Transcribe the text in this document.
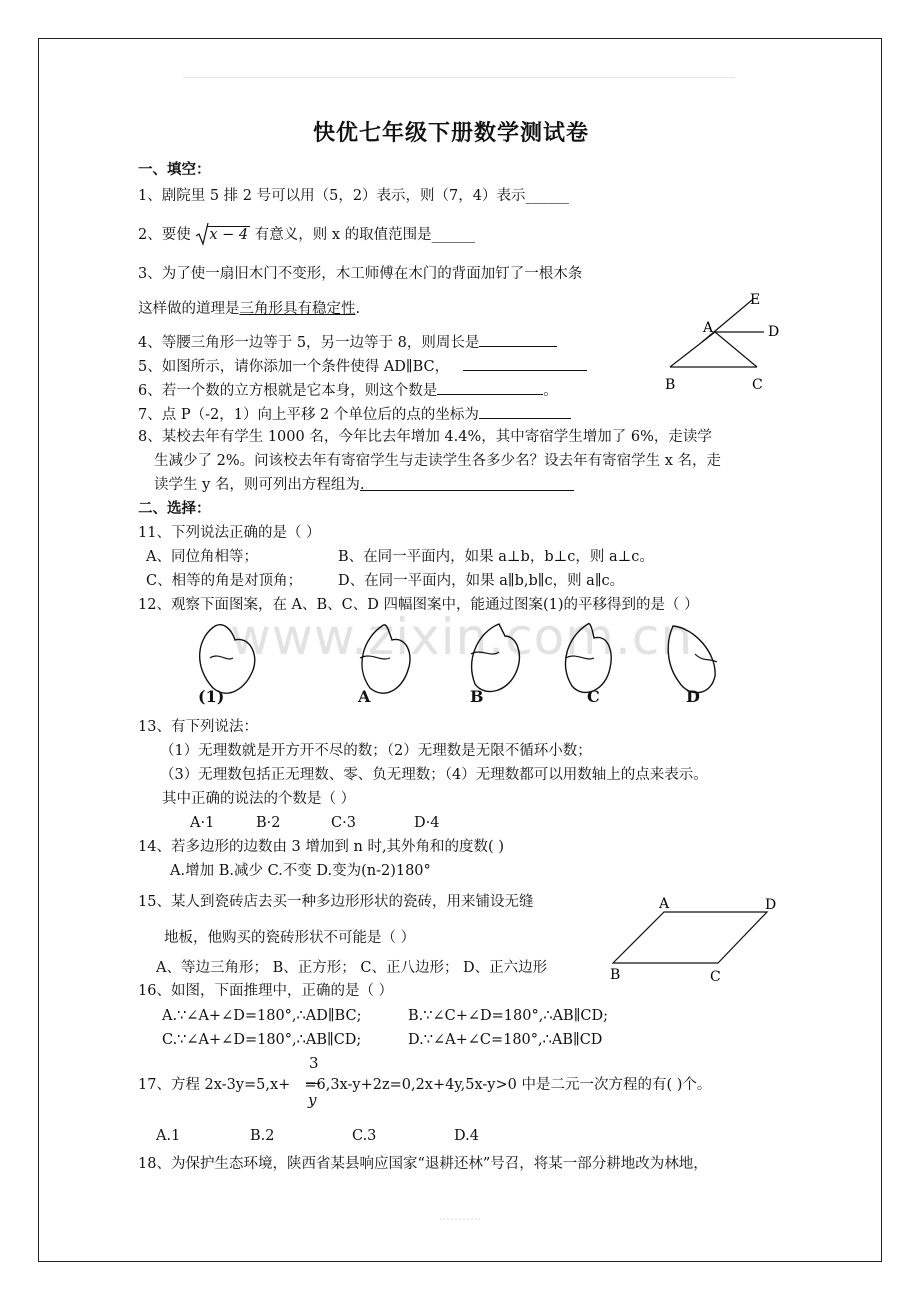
www.zixin.com.cn
快优七年级下册数学测试卷
一、填空：
1、剧院里 5 排 2 号可以用（5，2）表示，则（7，4）表示______
2、要使 x − 4 有意义，则 x 的取值范围是______
3、为了使一扇旧木门不变形，木工师傅在木门的背面加钉了一根木条
这样做的道理是三角形具有稳定性.
4、等腰三角形一边等于 5，另一边等于 8，则周长是
5、如图所示，请你添加一个条件使得 AD∥BC，
6、若一个数的立方根就是它本身，则这个数是	。
7、点 P（-2，1）向上平移 2 个单位后的点的坐标为
8、某校去年有学生 1000 名，今年比去年增加 4.4%，其中寄宿学生增加了 6%，走读学
生减少了 2%。问该校去年有寄宿学生与走读学生各多少名？设去年有寄宿学生 x 名，走
读学生 y 名，则可列出方程组为.
E
A	D
B	C
二、选择：
11、下列说法正确的是（ ）
A、同位角相等；	B、在同一平面内，如果 a⊥b，b⊥c，则 a⊥c。
C、相等的角是对顶角； D、在同一平面内，如果 a∥b,b∥c，则 a∥c。
12、观察下面图案，在 A、B、C、D 四幅图案中，能通过图案(1)的平移得到的是（ ）
(1)	A	B	C	D
13、有下列说法：
（1）无理数就是开方开不尽的数；（2）无理数是无限不循环小数；
（3）无理数包括正无理数、零、负无理数；（4）无理数都可以用数轴上的点来表示。
其中正确的说法的个数是（ ）
A·1	B·2	C·3	D·4
14、若多边形的边数由 3 增加到 n 时,其外角和的度数( )
A.增加 B.减少 C.不变 D.变为(n-2)180°
15、某人到瓷砖店去买一种多边形形状的瓷砖，用来铺设无缝
地板，他购买的瓷砖形状不可能是（ ）
A、等边三角形； B、正方形； C、正八边形； D、正六边形
A	D
B	C
16、如图，下面推理中，正确的是（ ）
A.∵∠A+∠D=180°,∴AD∥BC;	B.∵∠C+∠D=180°,∴AB∥CD;
C.∵∠A+∠D=180°,∴AB∥CD;	D.∵∠A+∠C=180°,∴AB∥CD
17、方程 2x-3y=5,x+ =6,3x-y+2z=0,2x+4y,5x-y>0 中是二元一次方程的有( )个。
3
y
A.1	B.2	C.3	D.4
18、为保护生态环境，陕西省某县响应国家“退耕还林”号召，将某一部分耕地改为林地，
